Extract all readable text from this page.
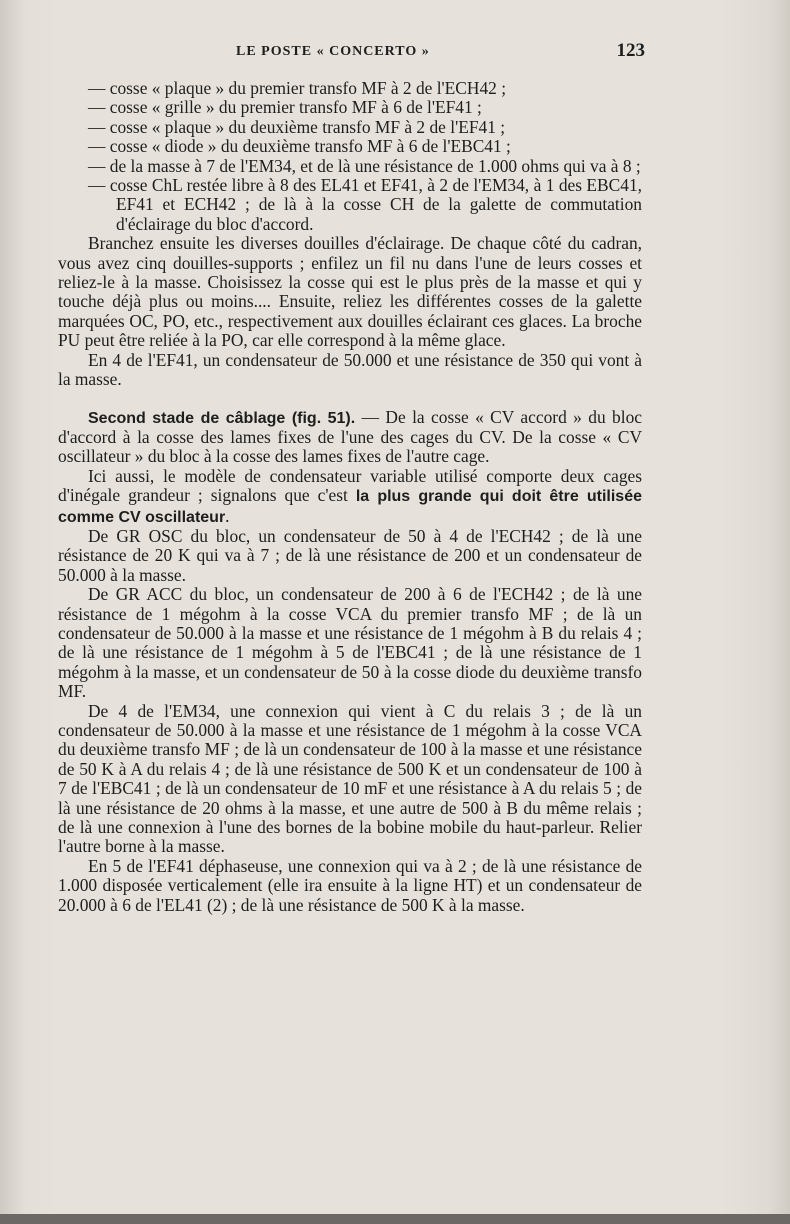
LE POSTE « CONCERTO »	123

— cosse « plaque » du premier transfo MF à 2 de l'ECH42 ;

— cosse « grille » du premier transfo MF à 6 de l'EF41 ;

— cosse « plaque » du deuxième transfo MF à 2 de l'EF41 ;

— cosse « diode » du deuxième transfo MF à 6 de l'EBC41 ;

— de la masse à 7 de l'EM34, et de là une résistance de 1.000 ohms qui va à 8 ;

— cosse ChL restée libre à 8 des EL41 et EF41, à 2 de l'EM34, à 1 des EBC41, EF41 et ECH42 ; de là à la cosse CH de la galette de commutation d'éclairage du bloc d'accord.

Branchez ensuite les diverses douilles d'éclairage. De chaque côté du cadran, vous avez cinq douilles-supports ; enfilez un fil nu dans l'une de leurs cosses et reliez-le à la masse. Choisissez la cosse qui est le plus près de la masse et qui y touche déjà plus ou moins.... Ensuite, reliez les différentes cosses de la galette marquées OC, PO, etc., respectivement aux douilles éclairant ces glaces. La broche PU peut être reliée à la PO, car elle correspond à la même glace.

En 4 de l'EF41, un condensateur de 50.000 et une résistance de 350 qui vont à la masse.

Second stade de câblage (fig. 51). — De la cosse « CV accord » du bloc d'accord à la cosse des lames fixes de l'une des cages du CV. De la cosse « CV oscillateur » du bloc à la cosse des lames fixes de l'autre cage.

Ici aussi, le modèle de condensateur variable utilisé comporte deux cages d'inégale grandeur ; signalons que c'est la plus grande qui doit être utilisée comme CV oscillateur.

De GR OSC du bloc, un condensateur de 50 à 4 de l'ECH42 ; de là une résistance de 20 K qui va à 7 ; de là une résistance de 200 et un condensateur de 50.000 à la masse.

De GR ACC du bloc, un condensateur de 200 à 6 de l'ECH42 ; de là une résistance de 1 mégohm à la cosse VCA du premier transfo MF ; de là un condensateur de 50.000 à la masse et une résistance de 1 mégohm à B du relais 4 ; de là une résistance de 1 mégohm à 5 de l'EBC41 ; de là une résistance de 1 mégohm à la masse, et un condensateur de 50 à la cosse diode du deuxième transfo MF.

De 4 de l'EM34, une connexion qui vient à C du relais 3 ; de là un condensateur de 50.000 à la masse et une résistance de 1 mégohm à la cosse VCA du deuxième transfo MF ; de là un condensateur de 100 à la masse et une résistance de 50 K à A du relais 4 ; de là une résistance de 500 K et un condensateur de 100 à 7 de l'EBC41 ; de là un condensateur de 10 mF et une résistance à A du relais 5 ; de là une résistance de 20 ohms à la masse, et une autre de 500 à B du même relais ; de là une connexion à l'une des bornes de la bobine mobile du haut-parleur. Relier l'autre borne à la masse.

En 5 de l'EF41 déphaseuse, une connexion qui va à 2 ; de là une résistance de 1.000 disposée verticalement (elle ira ensuite à la ligne HT) et un condensateur de 20.000 à 6 de l'EL41 (2) ; de là une résistance de 500 K à la masse.
